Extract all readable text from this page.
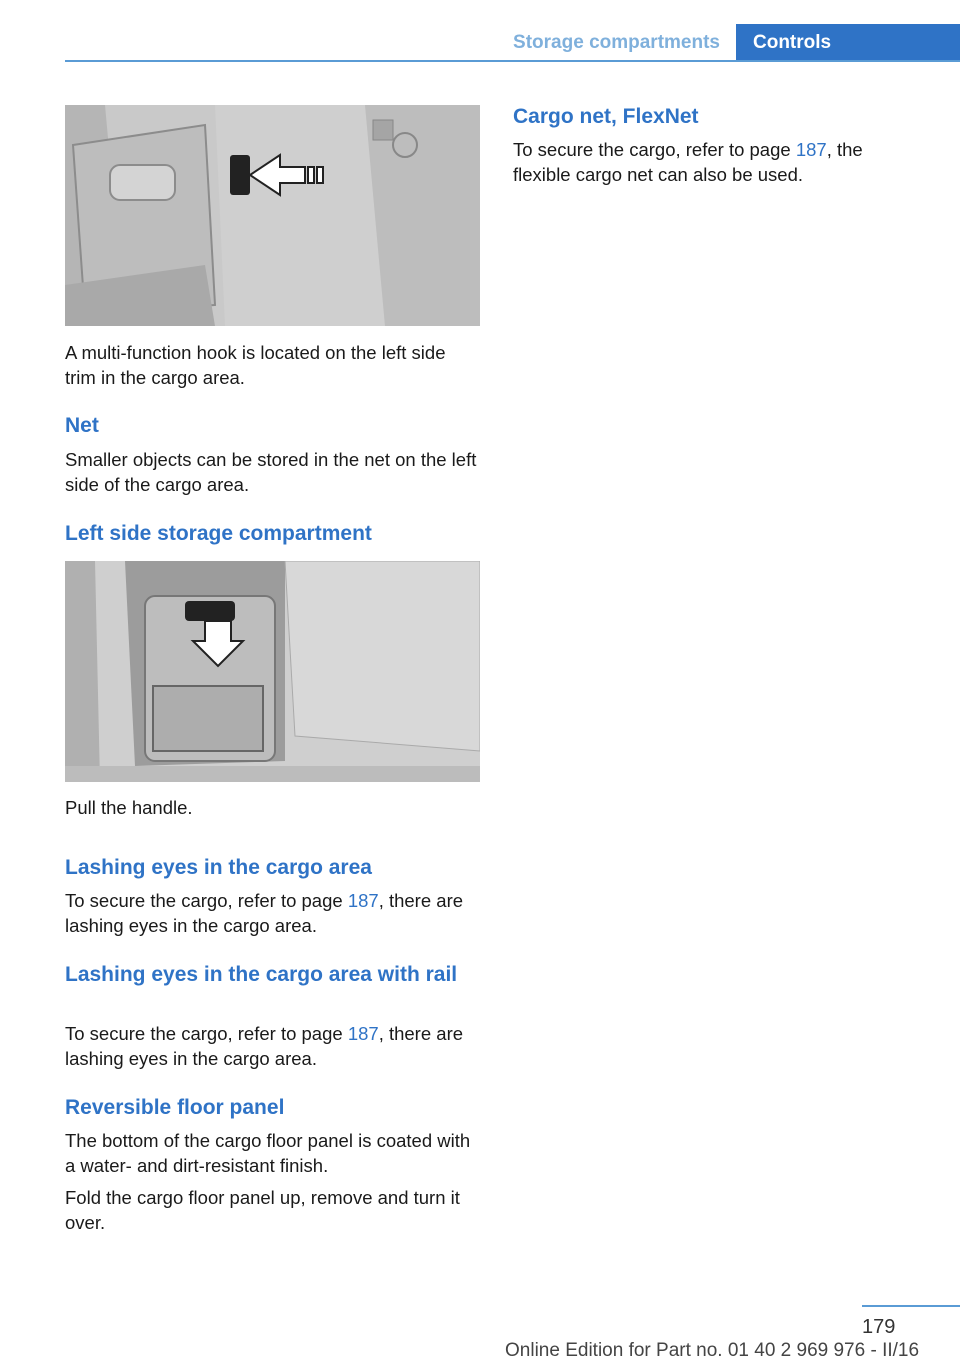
Storage compartments	Controls

A multi-function hook is located on the left side trim in the cargo area.

Net

Smaller objects can be stored in the net on the left side of the cargo area.

Left side storage compartment

Pull the handle.

Lashing eyes in the cargo area

To secure the cargo, refer to page 187, there are lashing eyes in the cargo area.

Lashing eyes in the cargo area with rail

To secure the cargo, refer to page 187, there are lashing eyes in the cargo area.

Reversible floor panel

The bottom of the cargo floor panel is coated with a water- and dirt-resistant finish.

Fold the cargo floor panel up, remove and turn it over.

Cargo net, FlexNet

To secure the cargo, refer to page 187, the flexible cargo net can also be used.

179
Online Edition for Part no. 01 40 2 969 976 - II/16
